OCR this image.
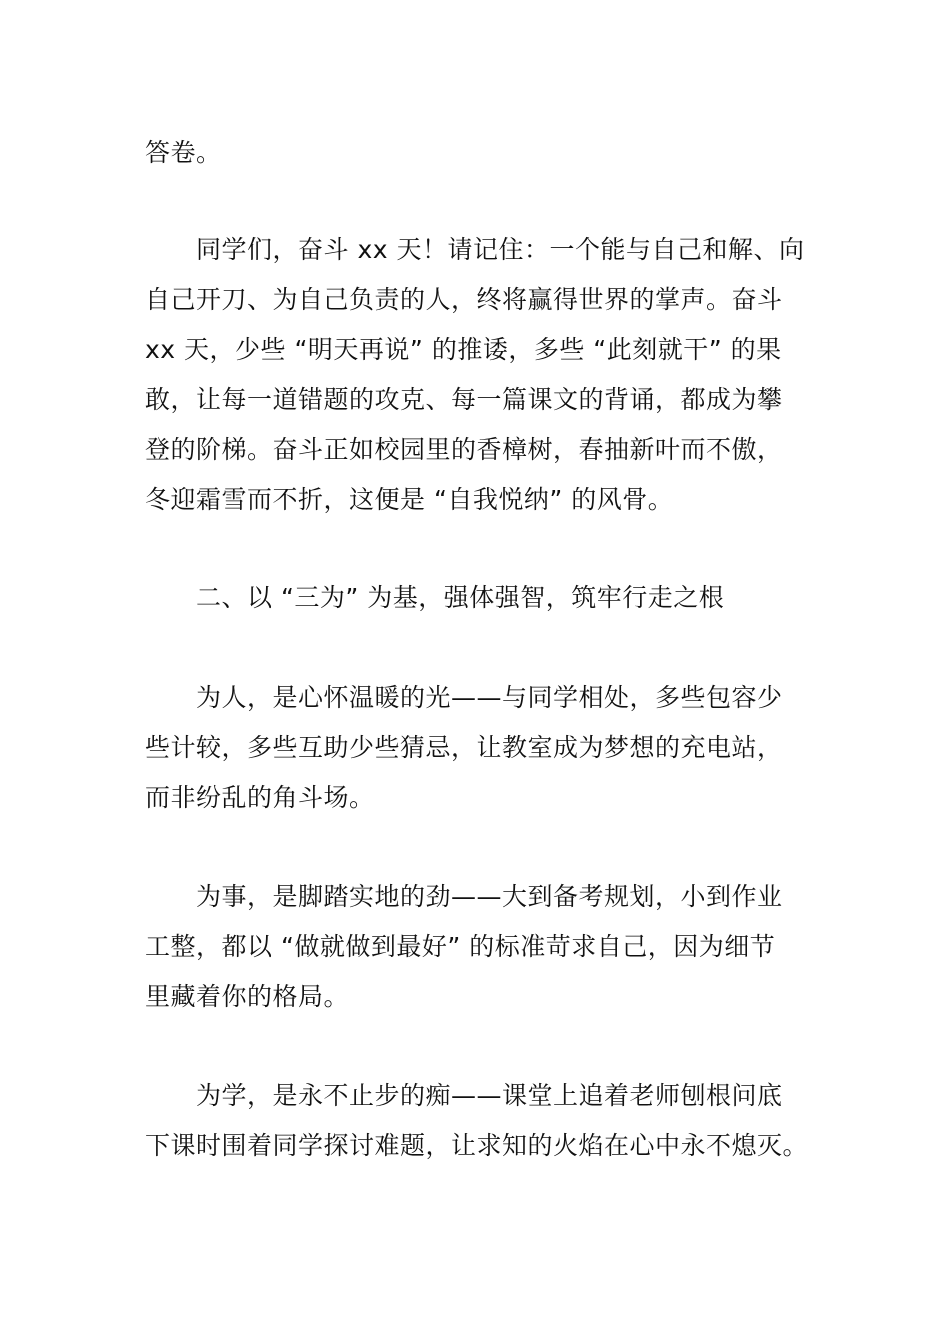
答卷。
同学们，奋斗 xx 天！请记住：一个能与自己和解、向
自己开刀、为自己负责的人，终将赢得世界的掌声。奋斗
xx 天，少些 “明天再说” 的推诿，多些 “此刻就干” 的果
敢，让每一道错题的攻克、每一篇课文的背诵，都成为攀
登的阶梯。奋斗正如校园里的香樟树，春抽新叶而不傲，
冬迎霜雪而不折，这便是 “自我悦纳” 的风骨。
二、以 “三为” 为基，强体强智，筑牢行走之根
为人，是心怀温暖的光——与同学相处，多些包容少
些计较，多些互助少些猜忌，让教室成为梦想的充电站，
而非纷乱的角斗场。
为事，是脚踏实地的劲——大到备考规划，小到作业
工整，都以 “做就做到最好” 的标准苛求自己，因为细节
里藏着你的格局。
为学，是永不止步的痴——课堂上追着老师刨根问底
下课时围着同学探讨难题，让求知的火焰在心中永不熄灭。
